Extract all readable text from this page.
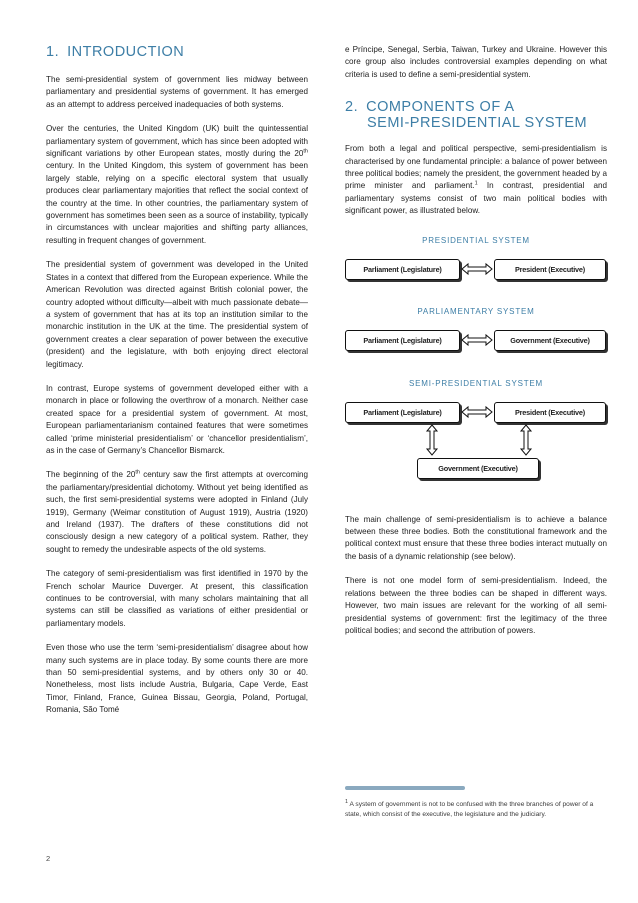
1. INTRODUCTION

The semi-presidential system of government lies midway between parliamentary and presidential systems of government. It has emerged as an attempt to address perceived inadequacies of both systems.

Over the centuries, the United Kingdom (UK) built the quintessential parliamentary system of government, which has since been adopted with significant variations by other European states, mostly during the 20th century. In the United Kingdom, this system of government has been largely stable, relying on a specific electoral system that usually produces clear parliamentary majorities that reflect the social context of the country at the time. In other countries, the parliamentary system of government has sometimes been seen as a source of instability, typically in circumstances with unclear majorities and shifting party alliances, resulting in frequent changes of government.

The presidential system of government was developed in the United States in a context that differed from the European experience. While the American Revolution was directed against British colonial power, the country adopted without difficulty—albeit with much passionate debate—a system of government that has at its top an institution similar to the monarchic institution in the UK at the time. The presidential system of government creates a clear separation of power between the executive (president) and the legislature, with both enjoying direct electoral legitimacy.

In contrast, Europe systems of government developed either with a monarch in place or following the overthrow of a monarch. Neither case created space for a presidential system of government. At most, European parliamentarianism contained features that were sometimes called ‘prime ministerial presidentialism’ or ‘chancellor presidentialism’, as in the case of Germany’s Chancellor Bismarck.

The beginning of the 20th century saw the first attempts at overcoming the parliamentary/presidential dichotomy. Without yet being identified as such, the first semi-presidential systems were adopted in Finland (July 1919), Germany (Weimar constitution of August 1919), Austria (1920) and Ireland (1937). The drafters of these constitutions did not consciously design a new category of a political system. Rather, they sought to remedy the undesirable aspects of the old systems.

The category of semi-presidentialism was first identified in 1970 by the French scholar Maurice Duverger. At present, this classification continues to be controversial, with many scholars maintaining that all systems can still be classified as variations of either presidential or parliamentary models.

Even those who use the term ‘semi-presidentialism’ disagree about how many such systems are in place today. By some counts there are more than 50 semi-presidential systems, and by others only 30 or 40. Nonetheless, most lists include Austria, Bulgaria, Cape Verde, East Timor, Finland, France, Guinea Bissau, Georgia, Poland, Portugal, Romania, São Tomé

e Príncipe, Senegal, Serbia, Taiwan, Turkey and Ukraine. However this core group also includes controversial examples depending on what criteria is used to define a semi-presidential system.

2. COMPONENTS OF A
SEMI-PRESIDENTIAL SYSTEM

From both a legal and political perspective, semi-presidentialism is characterised by one fundamental principle: a balance of power between three political bodies; namely the president, the government headed by a prime minister and parliament.$^1$ In contrast, presidential and parliamentary systems consist of two main political bodies with significant power, as illustrated below.

PRESIDENTIAL SYSTEM
Parliament (Legislature)	President (Executive)
PARLIAMENTARY SYSTEM
Parliament (Legislature)	Government (Executive)
SEMI-PRESIDENTIAL SYSTEM
Parliament (Legislature)	President (Executive)
Government (Executive)

The main challenge of semi-presidentialism is to achieve a balance between these three bodies. Both the constitutional framework and the political context must ensure that these three bodies interact mutually on the basis of a dynamic relationship (see below).

There is not one model form of semi-presidentialism. Indeed, the relations between the three bodies can be shaped in different ways. However, two main issues are relevant for the working of all semi-presidential systems of government: first the legitimacy of the three political bodies; and second the attribution of powers.

$^1$ A system of government is not to be confused with the three branches of power of a state, which consist of the executive, the legislature and the judiciary.
2
